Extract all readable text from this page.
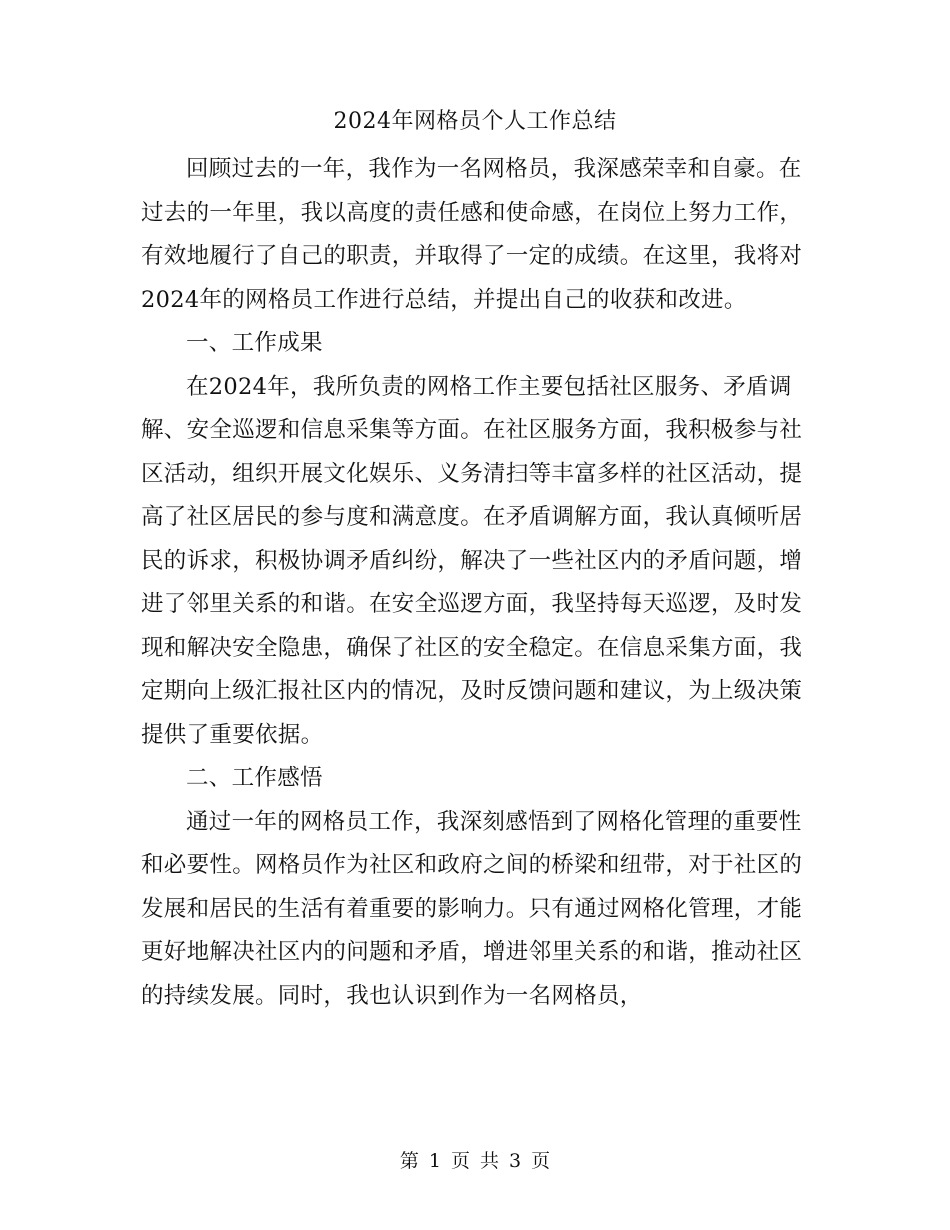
2024年网格员个人工作总结

回顾过去的一年，我作为一名网格员，我深感荣幸和自豪。在过去的一年里，我以高度的责任感和使命感，在岗位上努力工作，有效地履行了自己的职责，并取得了一定的成绩。在这里，我将对2024年的网格员工作进行总结，并提出自己的收获和改进。

一、工作成果

在2024年，我所负责的网格工作主要包括社区服务、矛盾调解、安全巡逻和信息采集等方面。在社区服务方面，我积极参与社区活动，组织开展文化娱乐、义务清扫等丰富多样的社区活动，提高了社区居民的参与度和满意度。在矛盾调解方面，我认真倾听居民的诉求，积极协调矛盾纠纷，解决了一些社区内的矛盾问题，增进了邻里关系的和谐。在安全巡逻方面，我坚持每天巡逻，及时发现和解决安全隐患，确保了社区的安全稳定。在信息采集方面，我定期向上级汇报社区内的情况，及时反馈问题和建议，为上级决策提供了重要依据。

二、工作感悟

通过一年的网格员工作，我深刻感悟到了网格化管理的重要性和必要性。网格员作为社区和政府之间的桥梁和纽带，对于社区的发展和居民的生活有着重要的影响力。只有通过网格化管理，才能更好地解决社区内的问题和矛盾，增进邻里关系的和谐，推动社区的持续发展。同时，我也认识到作为一名网格员，

第 1 页 共 3 页
